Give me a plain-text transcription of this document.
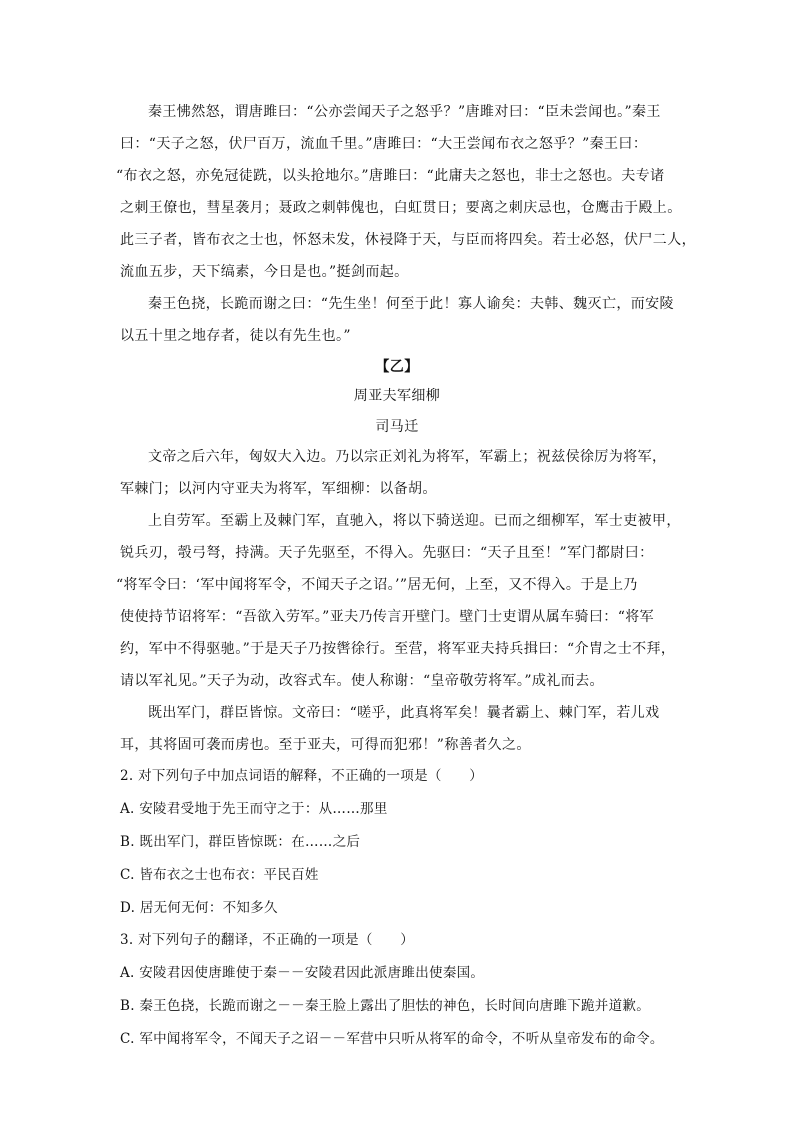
秦王怫然怒，谓唐雎曰：“公亦尝闻天子之怒乎？”唐雎对曰：“臣未尝闻也。”秦王

曰：“天子之怒，伏尸百万，流血千里。”唐雎曰：“大王尝闻布衣之怒乎？”秦王曰：

“布衣之怒，亦免冠徒跣，以头抢地尔。”唐雎曰：“此庸夫之怒也，非士之怒也。夫专诸

之刺王僚也，彗星袭月；聂政之刺韩傀也，白虹贯日；要离之刺庆忌也，仓鹰击于殿上。

此三子者，皆布衣之士也，怀怒未发，休祲降于天，与臣而将四矣。若士必怒，伏尸二人，

流血五步，天下缟素，今日是也。”挺剑而起。

秦王色挠，长跪而谢之曰：“先生坐！何至于此！寡人谕矣：夫韩、魏灭亡，而安陵

以五十里之地存者，徒以有先生也。”

【乙】

周亚夫军细柳

司马迁

文帝之后六年，匈奴大入边。乃以宗正刘礼为将军，军霸上；祝兹侯徐厉为将军，

军棘门；以河内守亚夫为将军，军细柳：以备胡。

上自劳军。至霸上及棘门军，直驰入，将以下骑送迎。已而之细柳军，军士吏被甲，

锐兵刃，彀弓弩，持满。天子先驱至，不得入。先驱曰：“天子且至！”军门都尉曰：

“将军令曰：‘军中闻将军令，不闻天子之诏。’”居无何，上至，又不得入。于是上乃

使使持节诏将军：“吾欲入劳军。”亚夫乃传言开壁门。壁门士吏谓从属车骑曰：“将军

约，军中不得驱驰。”于是天子乃按辔徐行。至营，将军亚夫持兵揖曰：“介胄之士不拜，

请以军礼见。”天子为动，改容式车。使人称谢：“皇帝敬劳将军。”成礼而去。

既出军门，群臣皆惊。文帝曰：“嗟乎，此真将军矣！曩者霸上、棘门军，若儿戏

耳，其将固可袭而虏也。至于亚夫，可得而犯邪！”称善者久之。

2. 对下列句子中加点词语的解释，不正确的一项是（　　）

A. 安陵君受地于先王而守之于：从……那里

B. 既出军门，群臣皆惊既：在……之后

C. 皆布衣之士也布衣：平民百姓

D. 居无何无何：不知多久

3. 对下列句子的翻译，不正确的一项是（　　）

A. 安陵君因使唐雎使于秦－－安陵君因此派唐雎出使秦国。

B. 秦王色挠，长跪而谢之－－秦王脸上露出了胆怯的神色，长时间向唐雎下跪并道歉。

C. 军中闻将军令，不闻天子之诏－－军营中只听从将军的命令，不听从皇帝发布的命令。
